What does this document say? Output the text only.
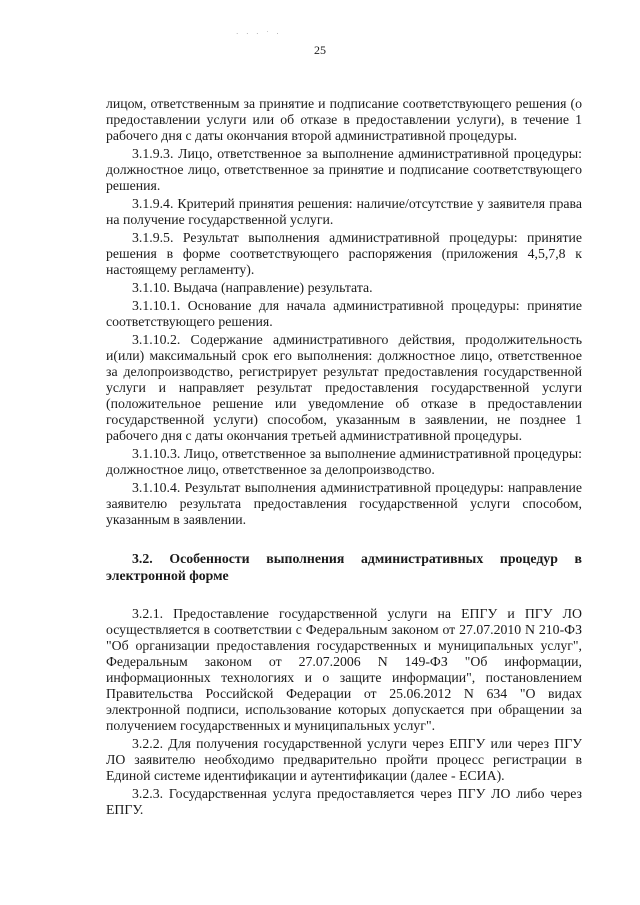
· · · ˙ ·
25

лицом, ответственным за принятие и подписание соответствующего решения (о предоставлении услуги или об отказе в предоставлении услуги), в течение 1 рабочего дня с даты окончания второй административной процедуры.

3.1.9.3. Лицо, ответственное за выполнение административной процедуры: должностное лицо, ответственное за принятие и подписание соответствующего решения.

3.1.9.4. Критерий принятия решения: наличие/отсутствие у заявителя права на получение государственной услуги.

3.1.9.5. Результат выполнения административной процедуры: принятие решения в форме соответствующего распоряжения (приложения 4,5,7,8 к настоящему регламенту).

3.1.10. Выдача (направление) результата.

3.1.10.1. Основание для начала административной процедуры: принятие соответствующего решения.

3.1.10.2. Содержание административного действия, продолжительность и(или) максимальный срок его выполнения: должностное лицо, ответственное за делопроизводство, регистрирует результат предоставления государственной услуги и направляет результат предоставления государственной услуги (положительное решение или уведомление об отказе в предоставлении государственной услуги) способом, указанным в заявлении, не позднее 1 рабочего дня с даты окончания третьей административной процедуры.

3.1.10.3. Лицо, ответственное за выполнение административной процедуры: должностное лицо, ответственное за делопроизводство.

3.1.10.4. Результат выполнения административной процедуры: направление заявителю результата предоставления государственной услуги способом, указанным в заявлении.

3.2. Особенности выполнения административных процедур в электронной форме

3.2.1. Предоставление государственной услуги на ЕПГУ и ПГУ ЛО осуществляется в соответствии с Федеральным законом от 27.07.2010 N 210-ФЗ "Об организации предоставления государственных и муниципальных услуг", Федеральным законом от 27.07.2006 N 149-ФЗ "Об информации, информационных технологиях и о защите информации", постановлением Правительства Российской Федерации от 25.06.2012 N 634 "О видах электронной подписи, использование которых допускается при обращении за получением государственных и муниципальных услуг".

3.2.2. Для получения государственной услуги через ЕПГУ или через ПГУ ЛО заявителю необходимо предварительно пройти процесс регистрации в Единой системе идентификации и аутентификации (далее - ЕСИА).

3.2.3. Государственная услуга предоставляется через ПГУ ЛО либо через ЕПГУ.
